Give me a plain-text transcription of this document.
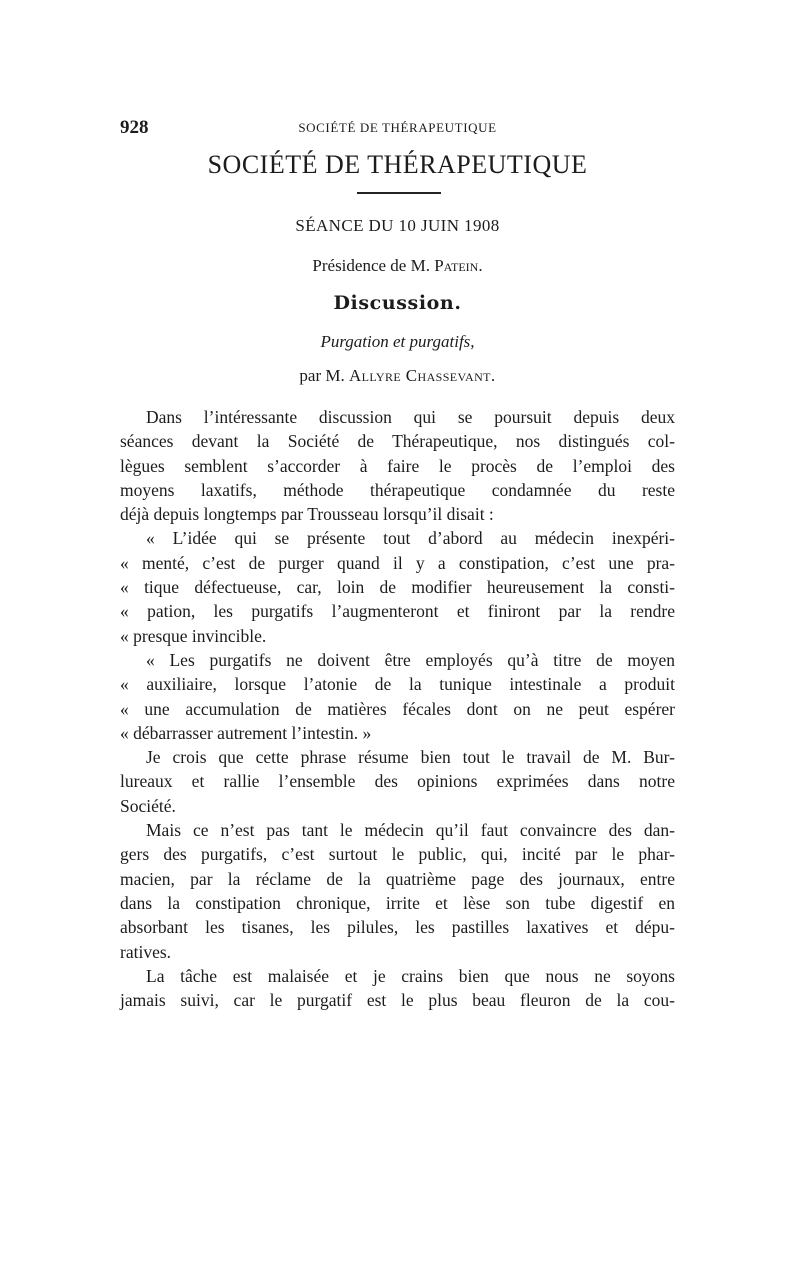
928	SOCIÉTÉ DE THÉRAPEUTIQUE
SOCIÉTÉ DE THÉRAPEUTIQUE
SÉANCE DU 10 JUIN 1908
Présidence de M. Patein.
Discussion.
Purgation et purgatifs,
par M. Allyre Chassevant.
Dans l’intéressante discussion qui se poursuit depuis deux
séances devant la Société de Thérapeutique, nos distingués col-
lègues semblent s’accorder à faire le procès de l’emploi des
moyens laxatifs, méthode thérapeutique condamnée du reste
déjà depuis longtemps par Trousseau lorsqu’il disait :
« L’idée qui se présente tout d’abord au médecin inexpéri-
« menté, c’est de purger quand il y a constipation, c’est une pra-
« tique défectueuse, car, loin de modifier heureusement la consti-
« pation, les purgatifs l’augmenteront et finiront par la rendre
« presque invincible.
« Les purgatifs ne doivent être employés qu’à titre de moyen
« auxiliaire, lorsque l’atonie de la tunique intestinale a produit
« une accumulation de matières fécales dont on ne peut espérer
« débarrasser autrement l’intestin. »
Je crois que cette phrase résume bien tout le travail de M. Bur-
lureaux et rallie l’ensemble des opinions exprimées dans notre
Société.
Mais ce n’est pas tant le médecin qu’il faut convaincre des dan-
gers des purgatifs, c’est surtout le public, qui, incité par le phar-
macien, par la réclame de la quatrième page des journaux, entre
dans la constipation chronique, irrite et lèse son tube digestif en
absorbant les tisanes, les pilules, les pastilles laxatives et dépu-
ratives.
La tâche est malaisée et je crains bien que nous ne soyons
jamais suivi, car le purgatif est le plus beau fleuron de la cou-
